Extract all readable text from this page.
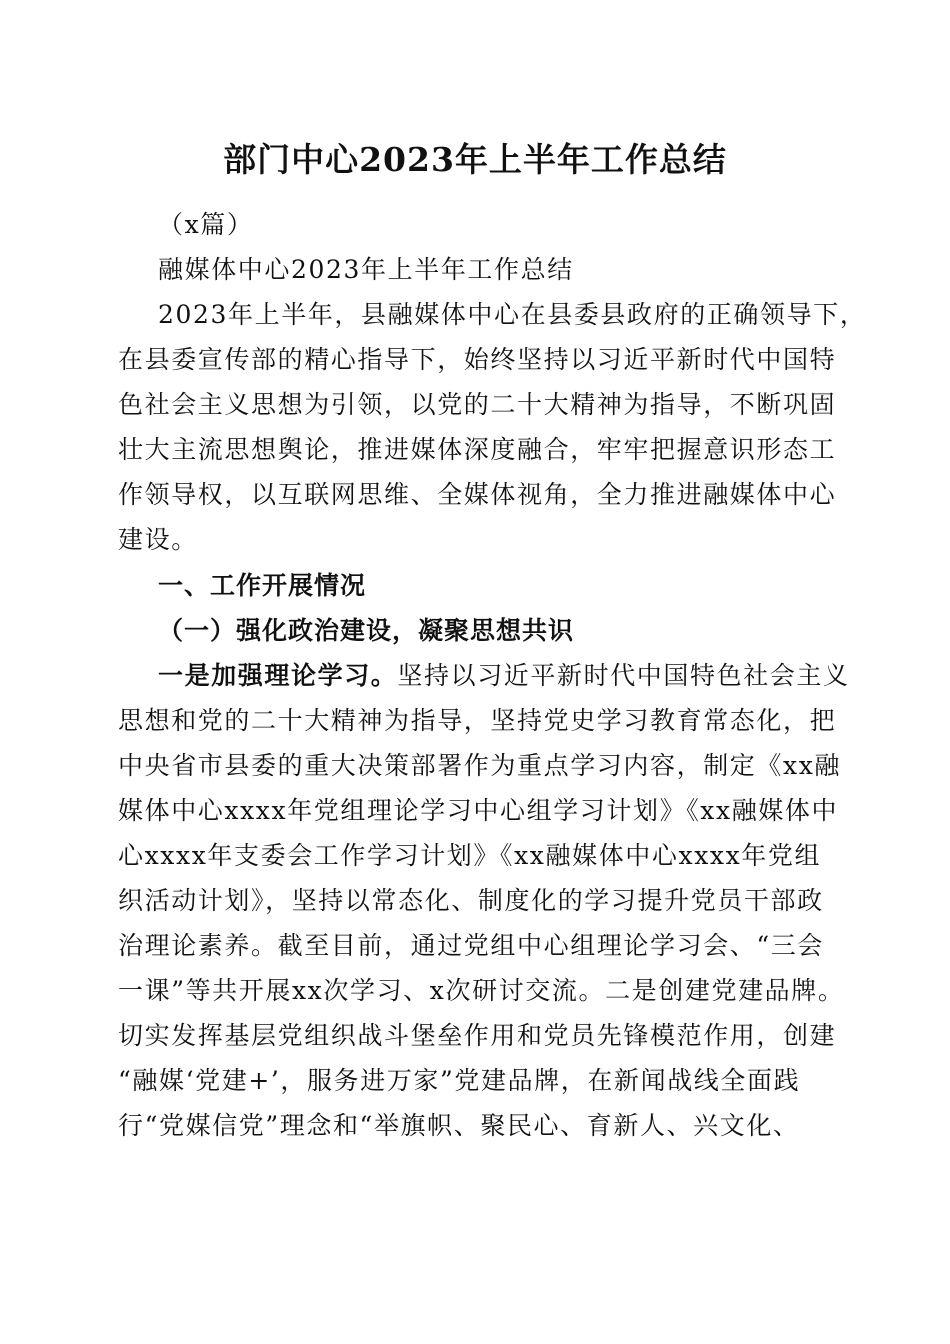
部门中心2023年上半年工作总结
（x篇）
融媒体中心2023年上半年工作总结
2023年上半年，县融媒体中心在县委县政府的正确领导下，
在县委宣传部的精心指导下，始终坚持以习近平新时代中国特
色社会主义思想为引领，以党的二十大精神为指导，不断巩固
壮大主流思想舆论，推进媒体深度融合，牢牢把握意识形态工
作领导权，以互联网思维、全媒体视角，全力推进融媒体中心
建设。
一、工作开展情况
（一）强化政治建设，凝聚思想共识
一是加强理论学习。坚持以习近平新时代中国特色社会主义
思想和党的二十大精神为指导，坚持党史学习教育常态化，把
中央省市县委的重大决策部署作为重点学习内容，制定《xx融
媒体中心xxxx年党组理论学习中心组学习计划》《xx融媒体中
心xxxx年支委会工作学习计划》《xx融媒体中心xxxx年党组
织活动计划》，坚持以常态化、制度化的学习提升党员干部政
治理论素养。截至目前，通过党组中心组理论学习会、“三会
一课”等共开展xx次学习、x次研讨交流。二是创建党建品牌。
切实发挥基层党组织战斗堡垒作用和党员先锋模范作用，创建
“融媒‘党建+’，服务进万家”党建品牌，在新闻战线全面践
行“党媒信党”理念和“举旗帜、聚民心、育新人、兴文化、
